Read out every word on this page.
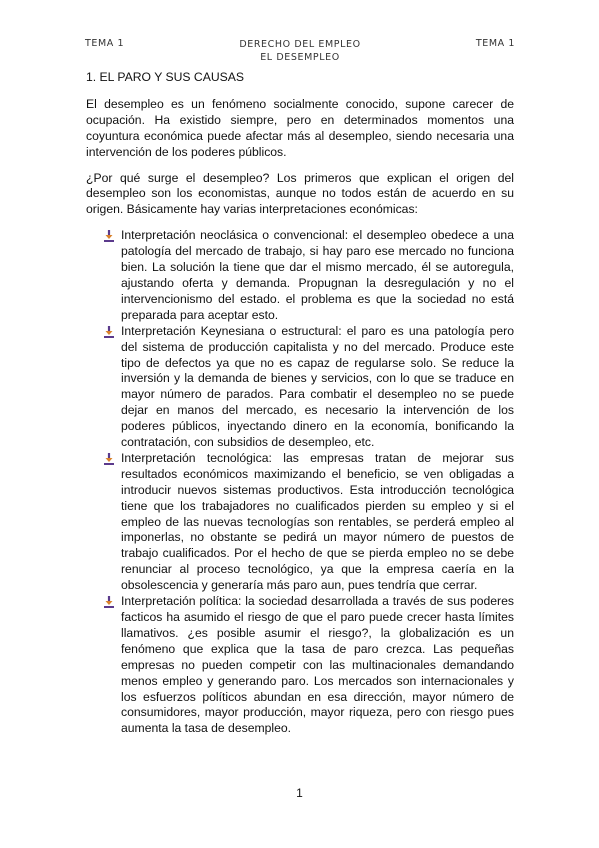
TEMA 1	DERECHO DEL EMPLEO
EL DESEMPLEO
TEMA 1
1. EL PARO Y SUS CAUSAS

El desempleo es un fenómeno socialmente conocido, supone carecer de ocupación. Ha existido siempre, pero en determinados momentos una coyuntura económica puede afectar más al desempleo, siendo necesaria una intervención de los poderes públicos.

¿Por qué surge el desempleo? Los primeros que explican el origen del desempleo son los economistas, aunque no todos están de acuerdo en su origen. Básicamente hay varias interpretaciones económicas:

Interpretación neoclásica o convencional: el desempleo obedece a una patología del mercado de trabajo, si hay paro ese mercado no funciona bien. La solución la tiene que dar el mismo mercado, él se autoregula, ajustando oferta y demanda. Propugnan la desregulación y no el intervencionismo del estado. el problema es que la sociedad no está preparada para aceptar esto.
Interpretación Keynesiana o estructural: el paro es una patología pero del sistema de producción capitalista y no del mercado. Produce este tipo de defectos ya que no es capaz de regularse solo. Se reduce la inversión y la demanda de bienes y servicios, con lo que se traduce en mayor número de parados. Para combatir el desempleo no se puede dejar en manos del mercado, es necesario la intervención de los poderes públicos, inyectando dinero en la economía, bonificando la contratación, con subsidios de desempleo, etc.
Interpretación tecnológica: las empresas tratan de mejorar sus resultados económicos maximizando el beneficio, se ven obligadas a introducir nuevos sistemas productivos. Esta introducción tecnológica tiene que los trabajadores no cualificados pierden su empleo y si el empleo de las nuevas tecnologías son rentables, se perderá empleo al imponerlas, no obstante se pedirá un mayor número de puestos de trabajo cualificados. Por el hecho de que se pierda empleo no se debe renunciar al proceso tecnológico, ya que la empresa caería en la obsolescencia y generaría más paro aun, pues tendría que cerrar.
Interpretación política: la sociedad desarrollada a través de sus poderes facticos ha asumido el riesgo de que el paro puede crecer hasta límites llamativos. ¿es posible asumir el riesgo?, la globalización es un fenómeno que explica que la tasa de paro crezca. Las pequeñas empresas no pueden competir con las multinacionales demandando menos empleo y generando paro. Los mercados son internacionales y los esfuerzos políticos abundan en esa dirección, mayor número de consumidores, mayor producción, mayor riqueza, pero con riesgo pues aumenta la tasa de desempleo.
1
